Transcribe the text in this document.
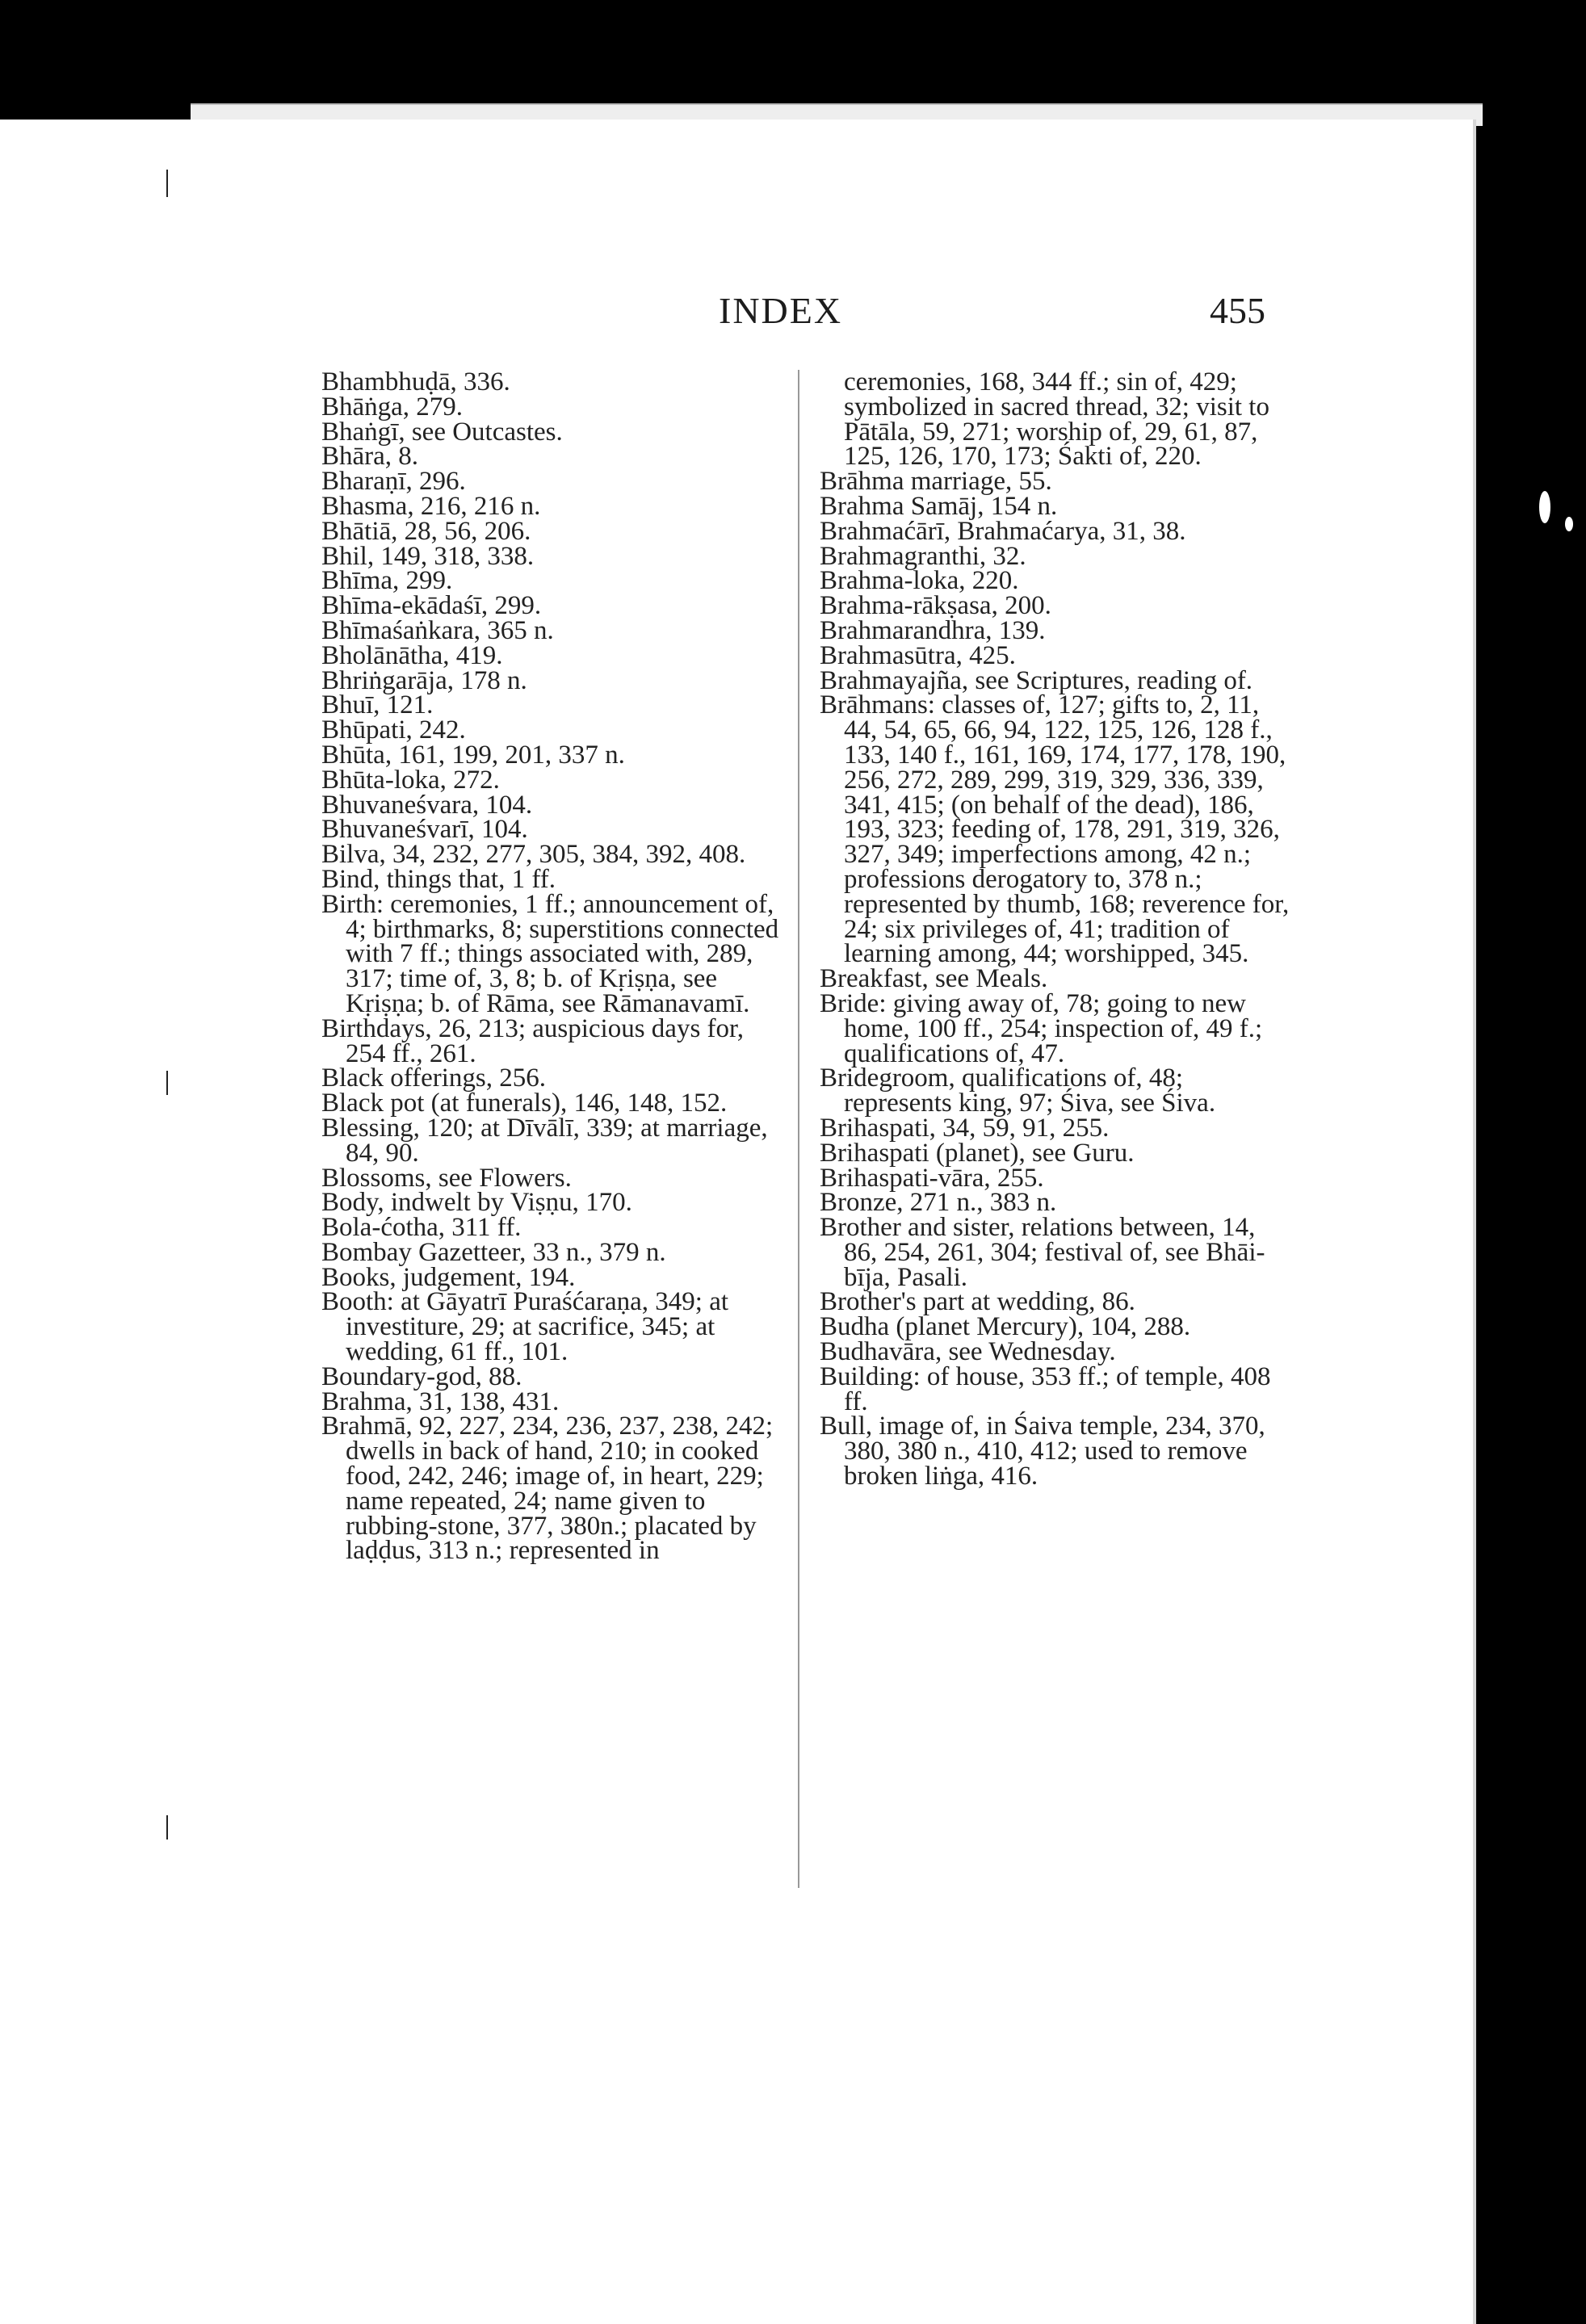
INDEX	455

Bhambhuḍā, 336.

Bhāṅga, 279.

Bhaṅgī, see Outcastes.

Bhāra, 8.

Bharaṇī, 296.

Bhasma, 216, 216 n.

Bhātiā, 28, 56, 206.

Bhil, 149, 318, 338.

Bhīma, 299.

Bhīma-ekādaśī, 299.

Bhīmaśaṅkara, 365 n.

Bholānātha, 419.

Bhriṅgarāja, 178 n.

Bhuī, 121.

Bhūpati, 242.

Bhūta, 161, 199, 201, 337 n.

Bhūta-loka, 272.

Bhuvaneśvara, 104.

Bhuvaneśvarī, 104.

Bilva, 34, 232, 277, 305, 384, 392, 408.

Bind, things that, 1 ff.

Birth: ceremonies, 1 ff.; announcement of, 4; birthmarks, 8; superstitions connected with 7 ff.; things associated with, 289, 317; time of, 3, 8; b. of Kṛiṣṇa, see Kṛiṣṇa; b. of Rāma, see Rāmanavamī.

Birthdays, 26, 213; auspicious days for, 254 ff., 261.

Black offerings, 256.

Black pot (at funerals), 146, 148, 152.

Blessing, 120; at Dīvālī, 339; at marriage, 84, 90.

Blossoms, see Flowers.

Body, indwelt by Viṣṇu, 170.

Bola-ćotha, 311 ff.

Bombay Gazetteer, 33 n., 379 n.

Books, judgement, 194.

Booth: at Gāyatrī Puraśćaraṇa, 349; at investiture, 29; at sacrifice, 345; at wedding, 61 ff., 101.

Boundary-god, 88.

Brahma, 31, 138, 431.

Brahmā, 92, 227, 234, 236, 237, 238, 242; dwells in back of hand, 210; in cooked food, 242, 246; image of, in heart, 229; name repeated, 24; name given to rubbing-stone, 377, 380n.; placated by laḍḍus, 313 n.; represented in

ceremonies, 168, 344 ff.; sin of, 429; symbolized in sacred thread, 32; visit to Pātāla, 59, 271; worship of, 29, 61, 87, 125, 126, 170, 173; Śakti of, 220.

Brāhma marriage, 55.

Brahma Samāj, 154 n.

Brahmaćārī, Brahmaćarya, 31, 38.

Brahmagranthi, 32.

Brahma-loka, 220.

Brahma-rākṣasa, 200.

Brahmarandhra, 139.

Brahmasūtra, 425.

Brahmayajña, see Scriptures, reading of.

Brāhmans: classes of, 127; gifts to, 2, 11, 44, 54, 65, 66, 94, 122, 125, 126, 128 f., 133, 140 f., 161, 169, 174, 177, 178, 190, 256, 272, 289, 299, 319, 329, 336, 339, 341, 415; (on behalf of the dead), 186, 193, 323; feeding of, 178, 291, 319, 326, 327, 349; imperfections among, 42 n.; professions derogatory to, 378 n.; represented by thumb, 168; reverence for, 24; six privileges of, 41; tradition of learning among, 44; worshipped, 345.

Breakfast, see Meals.

Bride: giving away of, 78; going to new home, 100 ff., 254; inspection of, 49 f.; qualifications of, 47.

Bridegroom, qualifications of, 48; represents king, 97; Śiva, see Śiva.

Brihaspati, 34, 59, 91, 255.

Brihaspati (planet), see Guru.

Brihaspati-vāra, 255.

Bronze, 271 n., 383 n.

Brother and sister, relations between, 14, 86, 254, 261, 304; festival of, see Bhāi-bīja, Pasali.

Brother's part at wedding, 86.

Budha (planet Mercury), 104, 288.

Budhavāra, see Wednesday.

Building: of house, 353 ff.; of temple, 408 ff.

Bull, image of, in Śaiva temple, 234, 370, 380, 380 n., 410, 412; used to remove broken liṅga, 416.
